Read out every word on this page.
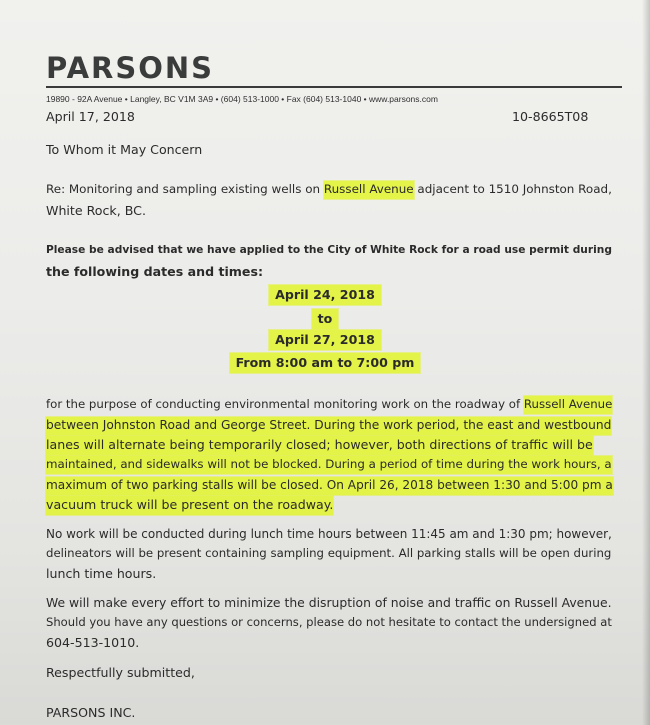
PARSONS
19890 - 92A Avenue • Langley, BC V1M 3A9 • (604) 513-1000 • Fax (604) 513-1040 • www.parsons.com
April 17, 2018	10-8665T08
To Whom it May Concern
Re: Monitoring and sampling existing wells on Russell Avenue adjacent to 1510 Johnston Road,
White Rock, BC.
Please be advised that we have applied to the City of White Rock for a road use permit during
the following dates and times:
April 24, 2018
to
April 27, 2018
From 8:00 am to 7:00 pm
for the purpose of conducting environmental monitoring work on the roadway of Russell Avenue
between Johnston Road and George Street. During the work period, the east and westbound
lanes will alternate being temporarily closed; however, both directions of traffic will be
maintained, and sidewalks will not be blocked. During a period of time during the work hours, a
maximum of two parking stalls will be closed. On April 26, 2018 between 1:30 and 5:00 pm a
vacuum truck will be present on the roadway.
No work will be conducted during lunch time hours between 11:45 am and 1:30 pm; however,
delineators will be present containing sampling equipment. All parking stalls will be open during
lunch time hours.
We will make every effort to minimize the disruption of noise and traffic on Russell Avenue.
Should you have any questions or concerns, please do not hesitate to contact the undersigned at
604-513-1010.
Respectfully submitted,
PARSONS INC.
